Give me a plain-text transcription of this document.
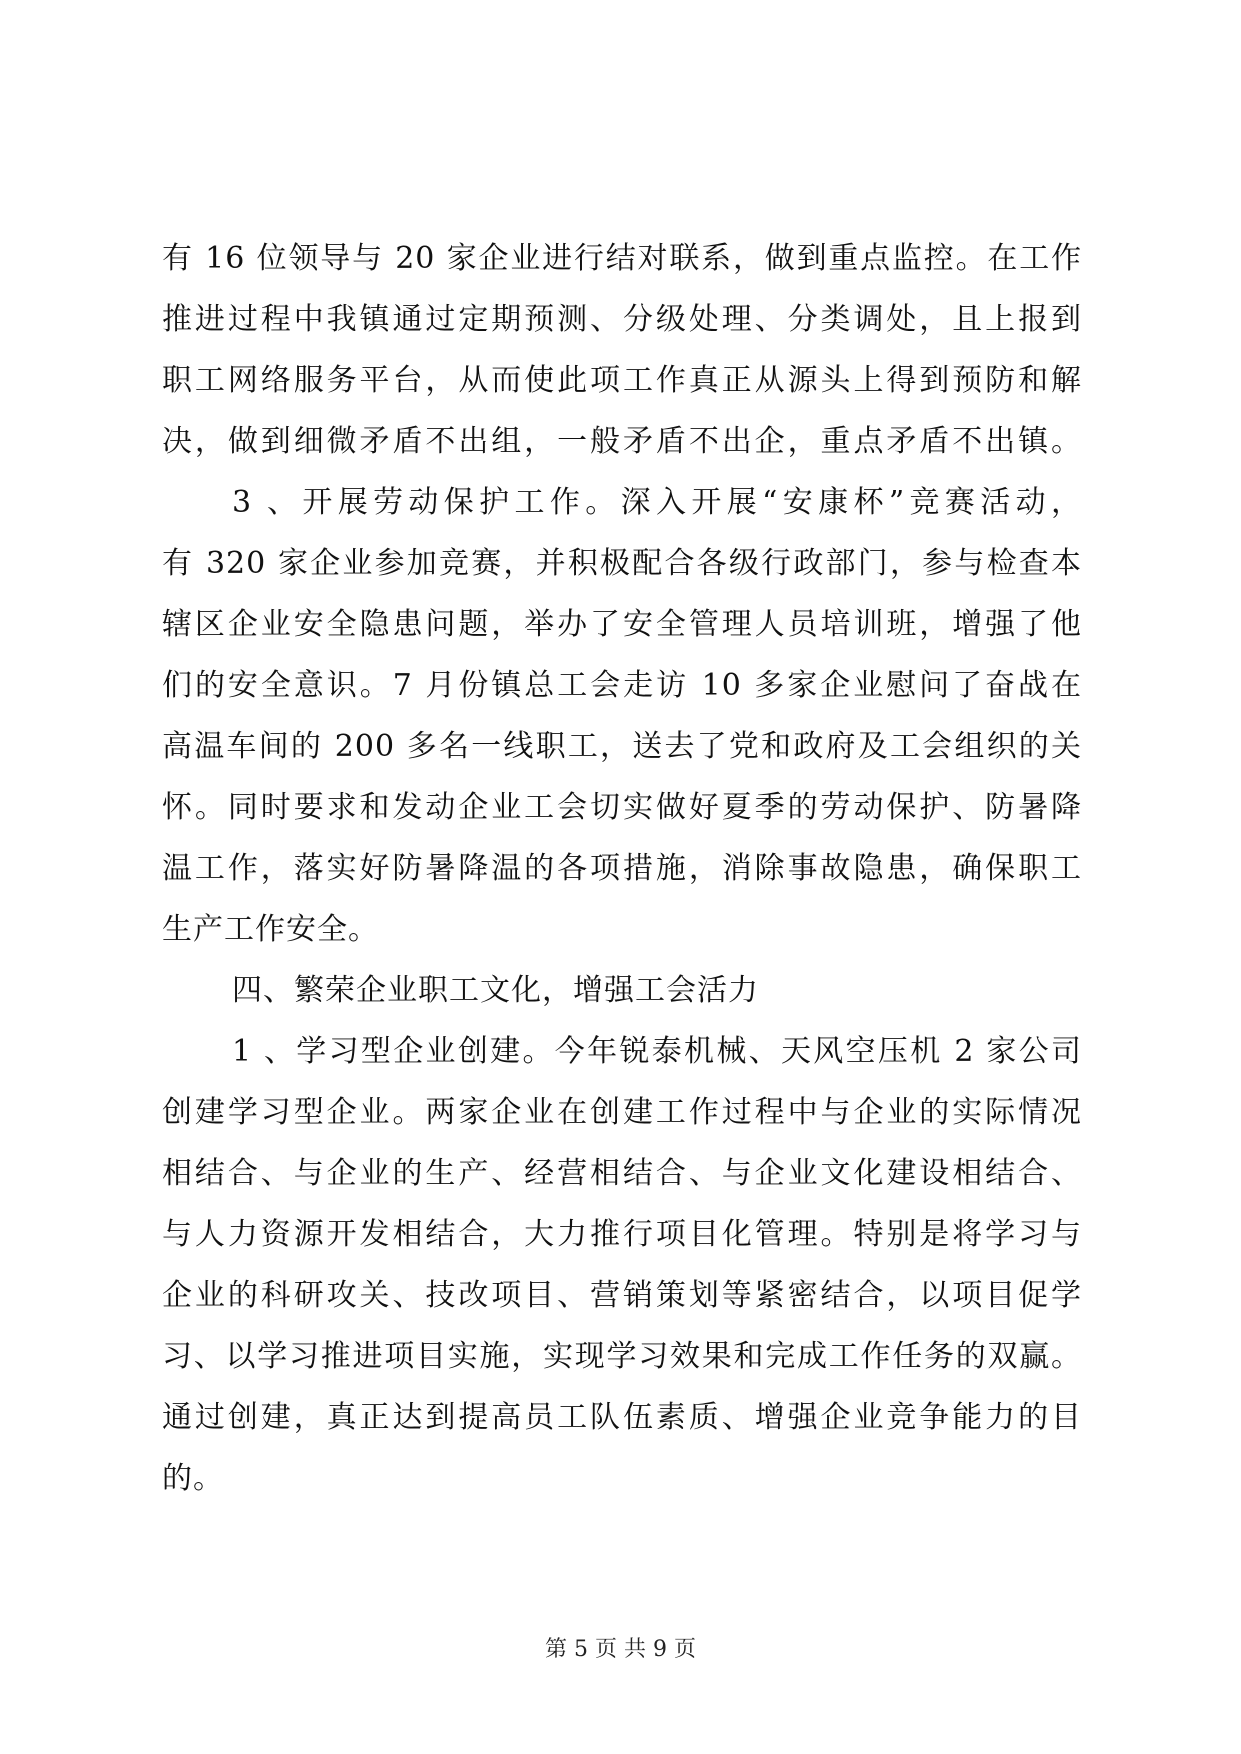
有 16 位领导与 20 家企业进行结对联系，做到重点监控。在工作
推进过程中我镇通过定期预测、分级处理、分类调处，且上报到
职工网络服务平台，从而使此项工作真正从源头上得到预防和解
决，做到细微矛盾不出组，一般矛盾不出企，重点矛盾不出镇。
3 、开展劳动保护工作。深入开展“安康杯”竞赛活动，
有 320 家企业参加竞赛，并积极配合各级行政部门，参与检查本
辖区企业安全隐患问题，举办了安全管理人员培训班，增强了他
们的安全意识。7 月份镇总工会走访 10 多家企业慰问了奋战在
高温车间的 200 多名一线职工，送去了党和政府及工会组织的关
怀。同时要求和发动企业工会切实做好夏季的劳动保护、防暑降
温工作，落实好防暑降温的各项措施，消除事故隐患，确保职工
生产工作安全。
四、繁荣企业职工文化，增强工会活力
1 、学习型企业创建。今年锐泰机械、天风空压机 2 家公司
创建学习型企业。两家企业在创建工作过程中与企业的实际情况
相结合、与企业的生产、经营相结合、与企业文化建设相结合、
与人力资源开发相结合，大力推行项目化管理。特别是将学习与
企业的科研攻关、技改项目、营销策划等紧密结合，以项目促学
习、以学习推进项目实施，实现学习效果和完成工作任务的双赢。
通过创建，真正达到提高员工队伍素质、增强企业竞争能力的目
的。
第 5 页 共 9 页
